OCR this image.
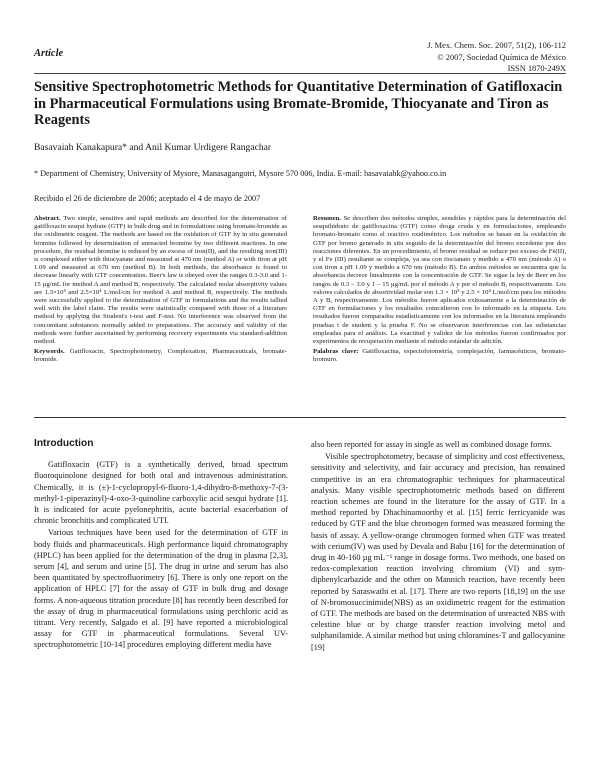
Article
J. Mex. Chem. Soc. 2007, 51(2), 106-112
© 2007, Sociedad Química de México
ISSN 1870-249X
Sensitive Spectrophotometric Methods for Quantitative Determination of Gatifloxacin in Pharmaceutical Formulations using Bromate-Bromide, Thiocyanate and Tiron as Reagents
Basavaiah Kanakapura* and Anil Kumar Urdigere Rangachar
* Department of Chemistry, University of Mysore, Manasagangotri, Mysore 570 006, India. E-mail: basavaiahk@yahoo.co.in
Recibido el 26 de diciembre de 2006; aceptado el 4 de mayo de 2007

Abstract. Two simple, sensitive and rapid methods are described for the determination of gatifloxacin sesqui hydrate (GTF) in bulk drug and in formulations using bromate-bromide as the oxidimetric reagent. The methods are based on the oxidation of GTF by in situ generated bromine followed by determination of unreacted bromine by two different reactions. In one procedure, the residual bromine is reduced by an excess of iron(II), and the resulting iron(III) is complexed either with thiocyanate and measured at 470 nm (method A) or with tiron at pH 1.09 and measured at 670 nm (method B). In both methods, the absorbance is found to decrease linearly with GTF concentration. Beer's law is obeyed over the ranges 0.3-3.0 and 1-15 µg/mL for method A and method B, respectively. The calculated molar absorptivity values are 1.3×10⁵ and 2.5×10⁴ L/mol/cm for method A and method B, respectively. The methods were successfully applied to the determination of GTF in formulations and the results tallied well with the label claim. The results were statistically compared with those of a literature method by applying the Student's t-test and F-test. No interference was observed from the concomitant substances normally added to preparations. The accuracy and validity of the methods were further ascertained by performing recovery experiments via standard-addition method.

Keywords. Gatifloxacin, Spectrophotometry, Complexation, Pharmaceuticals, bromate-bromide.

Resumen. Se describen dos métodos simples, sensibles y rápidos para la determinación del sesquihidrato de gatifloxacina (GTF) como droga cruda y en formulaciones, empleando bromato-bromato como el reactivo oxidimétrico. Los métodos se basan en la oxidación de GTF por bromo generado in situ seguido de la determinación del bromo excedente por dos reacciones diferentes. En un procedimiento, el bromo residual se reduce por exceso de Fe(II), y el Fe (III) resultante se compleja, ya sea con tiocianato y medido a 470 nm (método A) o con tiron a pH 1.09 y medido a 670 nm (método B). En ambos métodos se encuentra que la absorbancia decrece linealmente con la concentración de GTF. Se sigue la ley de Beer en los rangos de 0.3 – 3.0 y 1 – 15 µg/mL por el método A y por el método B, respectivamente. Los valores calculados de absortividad molar son 1.3 × 10⁵ y 2.5 × 10⁴ L/mol/cm para los métodos A y B, respectivamente. Los métodos fueron aplicados exitosamente a la determinación de GTF en formulaciones y los resultados coincidieron con lo informado en la etiqueta. Los resultados fueron comparados estadísticamente con los informados en la literatura empleando pruebas t de student y la prueba F. No se observaron interferencias con las substancias empleadas para el análisis. La exactitud y validez de los métodos fueron confirmados por experimentos de recuperación mediante el método estándar de adición.

Palabras clave: Gatifloxacina, espectofotometría, complejación, farmacéuticos, bromato-bromuro.

Introduction

Gatifloxacin (GTF) is a synthetically derived, broad spectrum fluoroquinolone designed for both oral and intravenous administration. Chemically, it is (±)-1-cyclopropyl-6-fluoro-1,4-dihydro-8-methoxy-7-(3-methyl-1-piperazinyl)-4-oxo-3-quinoline carboxylic acid sesqui hydrate [1]. It is indicated for acute pyelonephritis, acute bacterial exacerbation of chronic bronchitis and complicated UTI.

Various techniques have been used for the determination of GTF in body fluids and pharmaceuticals. High performance liquid chromatography (HPLC) has been applied for the determination of the drug in plasma [2,3], serum [4], and serum and urine [5]. The drug in urine and serum has also been quantitated by spectrofluorimetry [6]. There is only one report on the application of HPLC [7] for the assay of GTF in bulk drug and dosage forms. A non-aqueous titration procedure [8] has recently been described for the assay of drug in pharmaceutical formulations using perchloric acid as titrant. Very recently, Salgado et al. [9] have reported a microbiological assay for GTF in pharmaceutical formulations. Several UV-spectrophotometric [10-14] procedures employing different media have

also been reported for assay in single as well as combined dosage forms.

Visible spectrophotometry, because of simplicity and cost effectiveness, sensitivity and selectivity, and fair accuracy and precision, has remained competitive in an era chromatographic techniques for pharmaceutical analysis. Many visible spectrophotometric methods based on different reaction schemes are found in the literature for the assay of GTF. In a method reported by Dhachinamoorthy et al. [15] ferric ferricyanide was reduced by GTF and the blue chromogen formed was measured forming the basis of assay. A yellow-orange chromogen formed when GTF was treated with cerium(IV) was used by Devala and Babu [16] for the determination of drug in 40-160 µg mL⁻¹ range in dosage forms. Two methods, one based on redox-complexation reaction involving chromium (VI) and sym-diphenylcarbazide and the other on Mannich reaction, have recently been reported by Saraswathi et al. [17]. There are two reports [18,19] on the use of N-bromosuccinimide(NBS) as an oxidimetric reagent for the estimation of GTF. The methods are based on the determination of unreacted NBS with celestine blue or by charge transfer reaction involving metol and sulphanilamide. A similar method but using chloramines-T and gallocyanine [19]
